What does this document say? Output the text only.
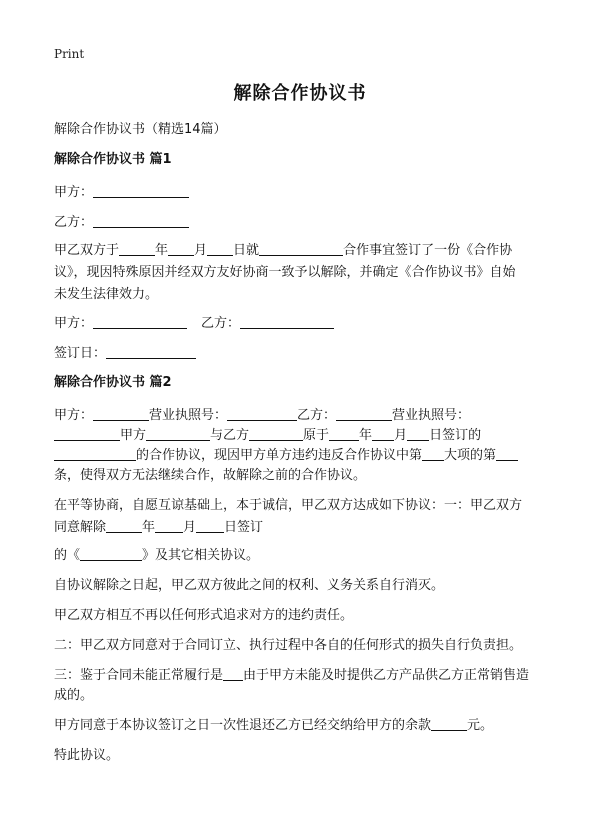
Print
解除合作协议书
解除合作协议书（精选14篇）
解除合作协议书 篇1
甲方：
乙方：
甲乙双方于	年 月 日就	合作事宜签订了一份《合作协
议》，现因特殊原因并经双方友好协商一致予以解除，并确定《合作协议书》自始
未发生法律效力。
甲方：	乙方：
签订日：
解除合作协议书 篇2
甲方：	营业执照号：	乙方：	营业执照号：
甲方	与乙方	原于 年 月 日签订的
的合作协议，现因甲方单方违约违反合作协议中第 大项的第
条，使得双方无法继续合作，故解除之前的合作协议。
在平等协商，自愿互谅基础上，本于诚信，甲乙双方达成如下协议：一：甲乙双方
同意解除	年 月 日签订
的《	》及其它相关协议。
自协议解除之日起，甲乙双方彼此之间的权利、义务关系自行消灭。
甲乙双方相互不再以任何形式追求对方的违约责任。
二：甲乙双方同意对于合同订立、执行过程中各自的任何形式的损失自行负责担。
三：鉴于合同未能正常履行是 由于甲方未能及时提供乙方产品供乙方正常销售造
成的。
甲方同意于本协议签订之日一次性退还乙方已经交纳给甲方的余款	元。
特此协议。
